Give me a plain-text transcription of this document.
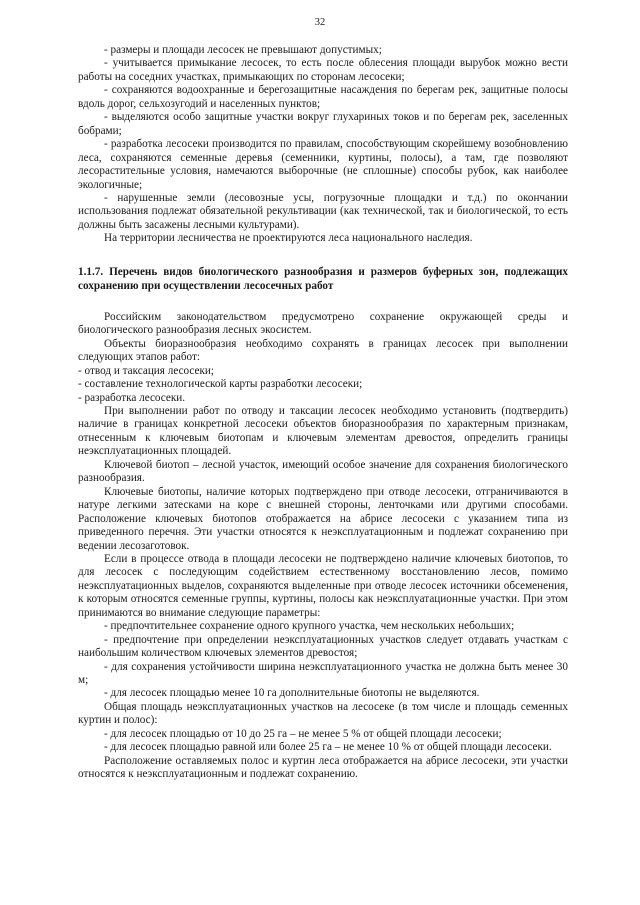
32

- размеры и площади лесосек не превышают допустимых;

- учитывается примыкание лесосек, то есть после облесения площади вырубок можно вести работы на соседних участках, примыкающих по сторонам лесосеки;

- сохраняются водоохранные и берегозащитные насаждения по берегам рек, защитные полосы вдоль дорог, сельхозугодий и населенных пунктов;

- выделяются особо защитные участки вокруг глухариных токов и по берегам рек, заселенных бобрами;

- разработка лесосеки производится по правилам, способствующим скорейшему возобновлению леса, сохраняются семенные деревья (семенники, куртины, полосы), а там, где позволяют лесорастительные условия, намечаются выборочные (не сплошные) способы рубок, как наиболее экологичные;

- нарушенные земли (лесовозные усы, погрузочные площадки и т.д.) по окончании использования подлежат обязательной рекультивации (как технической, так и биологической, то есть должны быть засажены лесными культурами).

На территории лесничества не проектируются леса национального наследия.

1.1.7. Перечень видов биологического разнообразия и размеров буферных зон, подлежащих сохранению при осуществлении лесосечных работ

Российским законодательством предусмотрено сохранение окружающей среды и биологического разнообразия лесных экосистем.

Объекты биоразнообразия необходимо сохранять в границах лесосек при выполнении следующих этапов работ:

- отвод и таксация лесосеки;

- составление технологической карты разработки лесосеки;

- разработка лесосеки.

При выполнении работ по отводу и таксации лесосек необходимо установить (подтвердить) наличие в границах конкретной лесосеки объектов биоразнообразия по характерным признакам, отнесенным к ключевым биотопам и ключевым элементам древостоя, определить границы неэксплуатационных площадей.

Ключевой биотоп – лесной участок, имеющий особое значение для сохранения биологического разнообразия.

Ключевые биотопы, наличие которых подтверждено при отводе лесосеки, отграничиваются в натуре легкими затесками на коре с внешней стороны, ленточками или другими способами. Расположение ключевых биотопов отображается на абрисе лесосеки с указанием типа из приведенного перечня. Эти участки относятся к неэксплуатационным и подлежат сохранению при ведении лесозаготовок.

Если в процессе отвода в площади лесосеки не подтверждено наличие ключевых биотопов, то для лесосек с последующим содействием естественному восстановлению лесов, помимо неэксплуатационных выделов, сохраняются выделенные при отводе лесосек источники обсеменения, к которым относятся семенные группы, куртины, полосы как неэксплуатационные участки. При этом принимаются во внимание следующие параметры:

- предпочтительнее сохранение одного крупного участка, чем нескольких небольших;

- предпочтение при определении неэксплуатационных участков следует отдавать участкам с наибольшим количеством ключевых элементов древостоя;

- для сохранения устойчивости ширина неэксплуатационного участка не должна быть менее 30 м;

- для лесосек площадью менее 10 га дополнительные биотопы не выделяются.

Общая площадь неэксплуатационных участков на лесосеке (в том числе и площадь семенных куртин и полос):

- для лесосек площадью от 10 до 25 га – не менее 5 % от общей площади лесосеки;

- для лесосек площадью равной или более 25 га – не менее 10 % от общей площади лесосеки.

Расположение оставляемых полос и куртин леса отображается на абрисе лесосеки, эти участки относятся к неэксплуатационным и подлежат сохранению.
